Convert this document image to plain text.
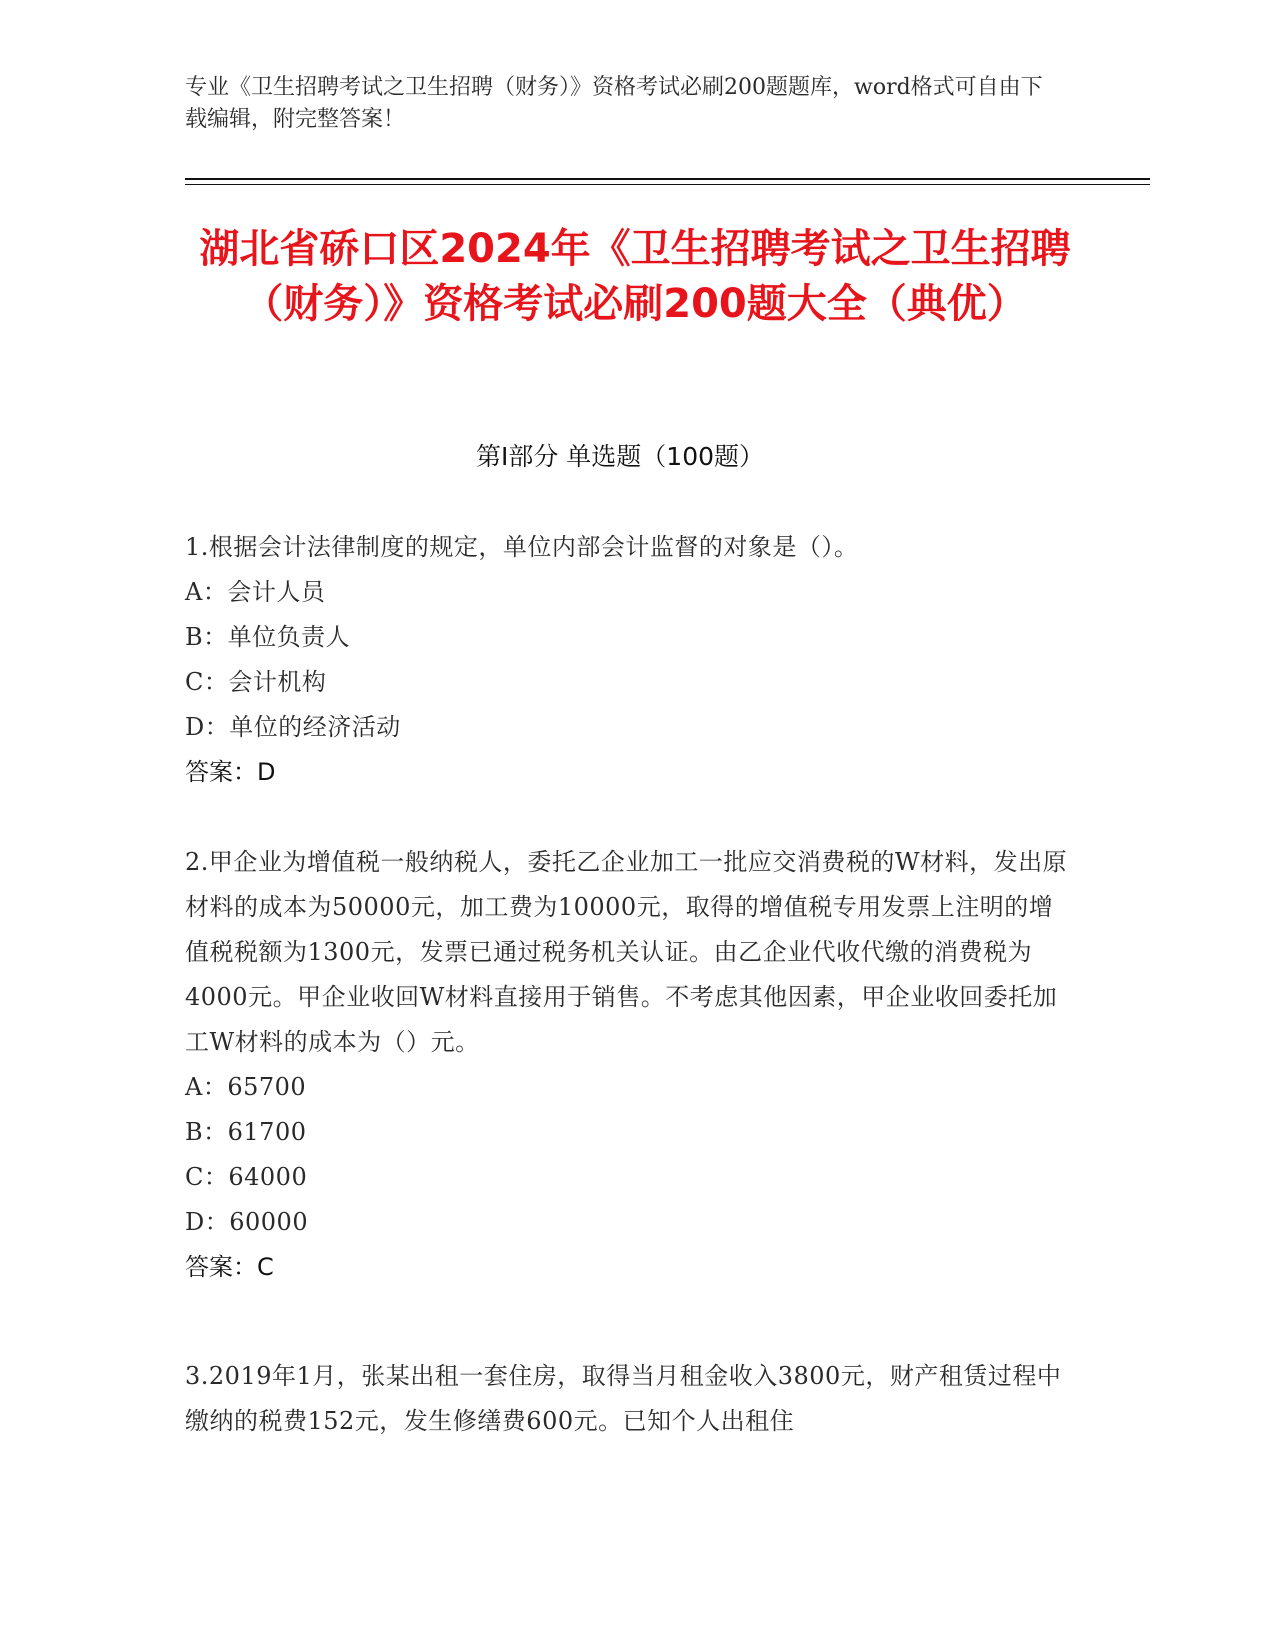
专业《卫生招聘考试之卫生招聘（财务）》资格考试必刷200题题库，word格式可自由下载编辑，附完整答案！
湖北省硚口区2024年《卫生招聘考试之卫生招聘（财务）》资格考试必刷200题大全（典优）
第Ⅰ部分 单选题（100题）
1.根据会计法律制度的规定，单位内部会计监督的对象是（）。
A：会计人员
B：单位负责人
C：会计机构
D：单位的经济活动
答案：D
2.甲企业为增值税一般纳税人，委托乙企业加工一批应交消费税的W材料，发出原材料的成本为50000元，加工费为10000元，取得的增值税专用发票上注明的增值税税额为1300元，发票已通过税务机关认证。由乙企业代收代缴的消费税为4000元。甲企业收回W材料直接用于销售。不考虑其他因素，甲企业收回委托加工W材料的成本为（）元。
A：65700
B：61700
C：64000
D：60000
答案：C
3.2019年1月，张某出租一套住房，取得当月租金收入3800元，财产租赁过程中缴纳的税费152元，发生修缮费600元。已知个人出租住
